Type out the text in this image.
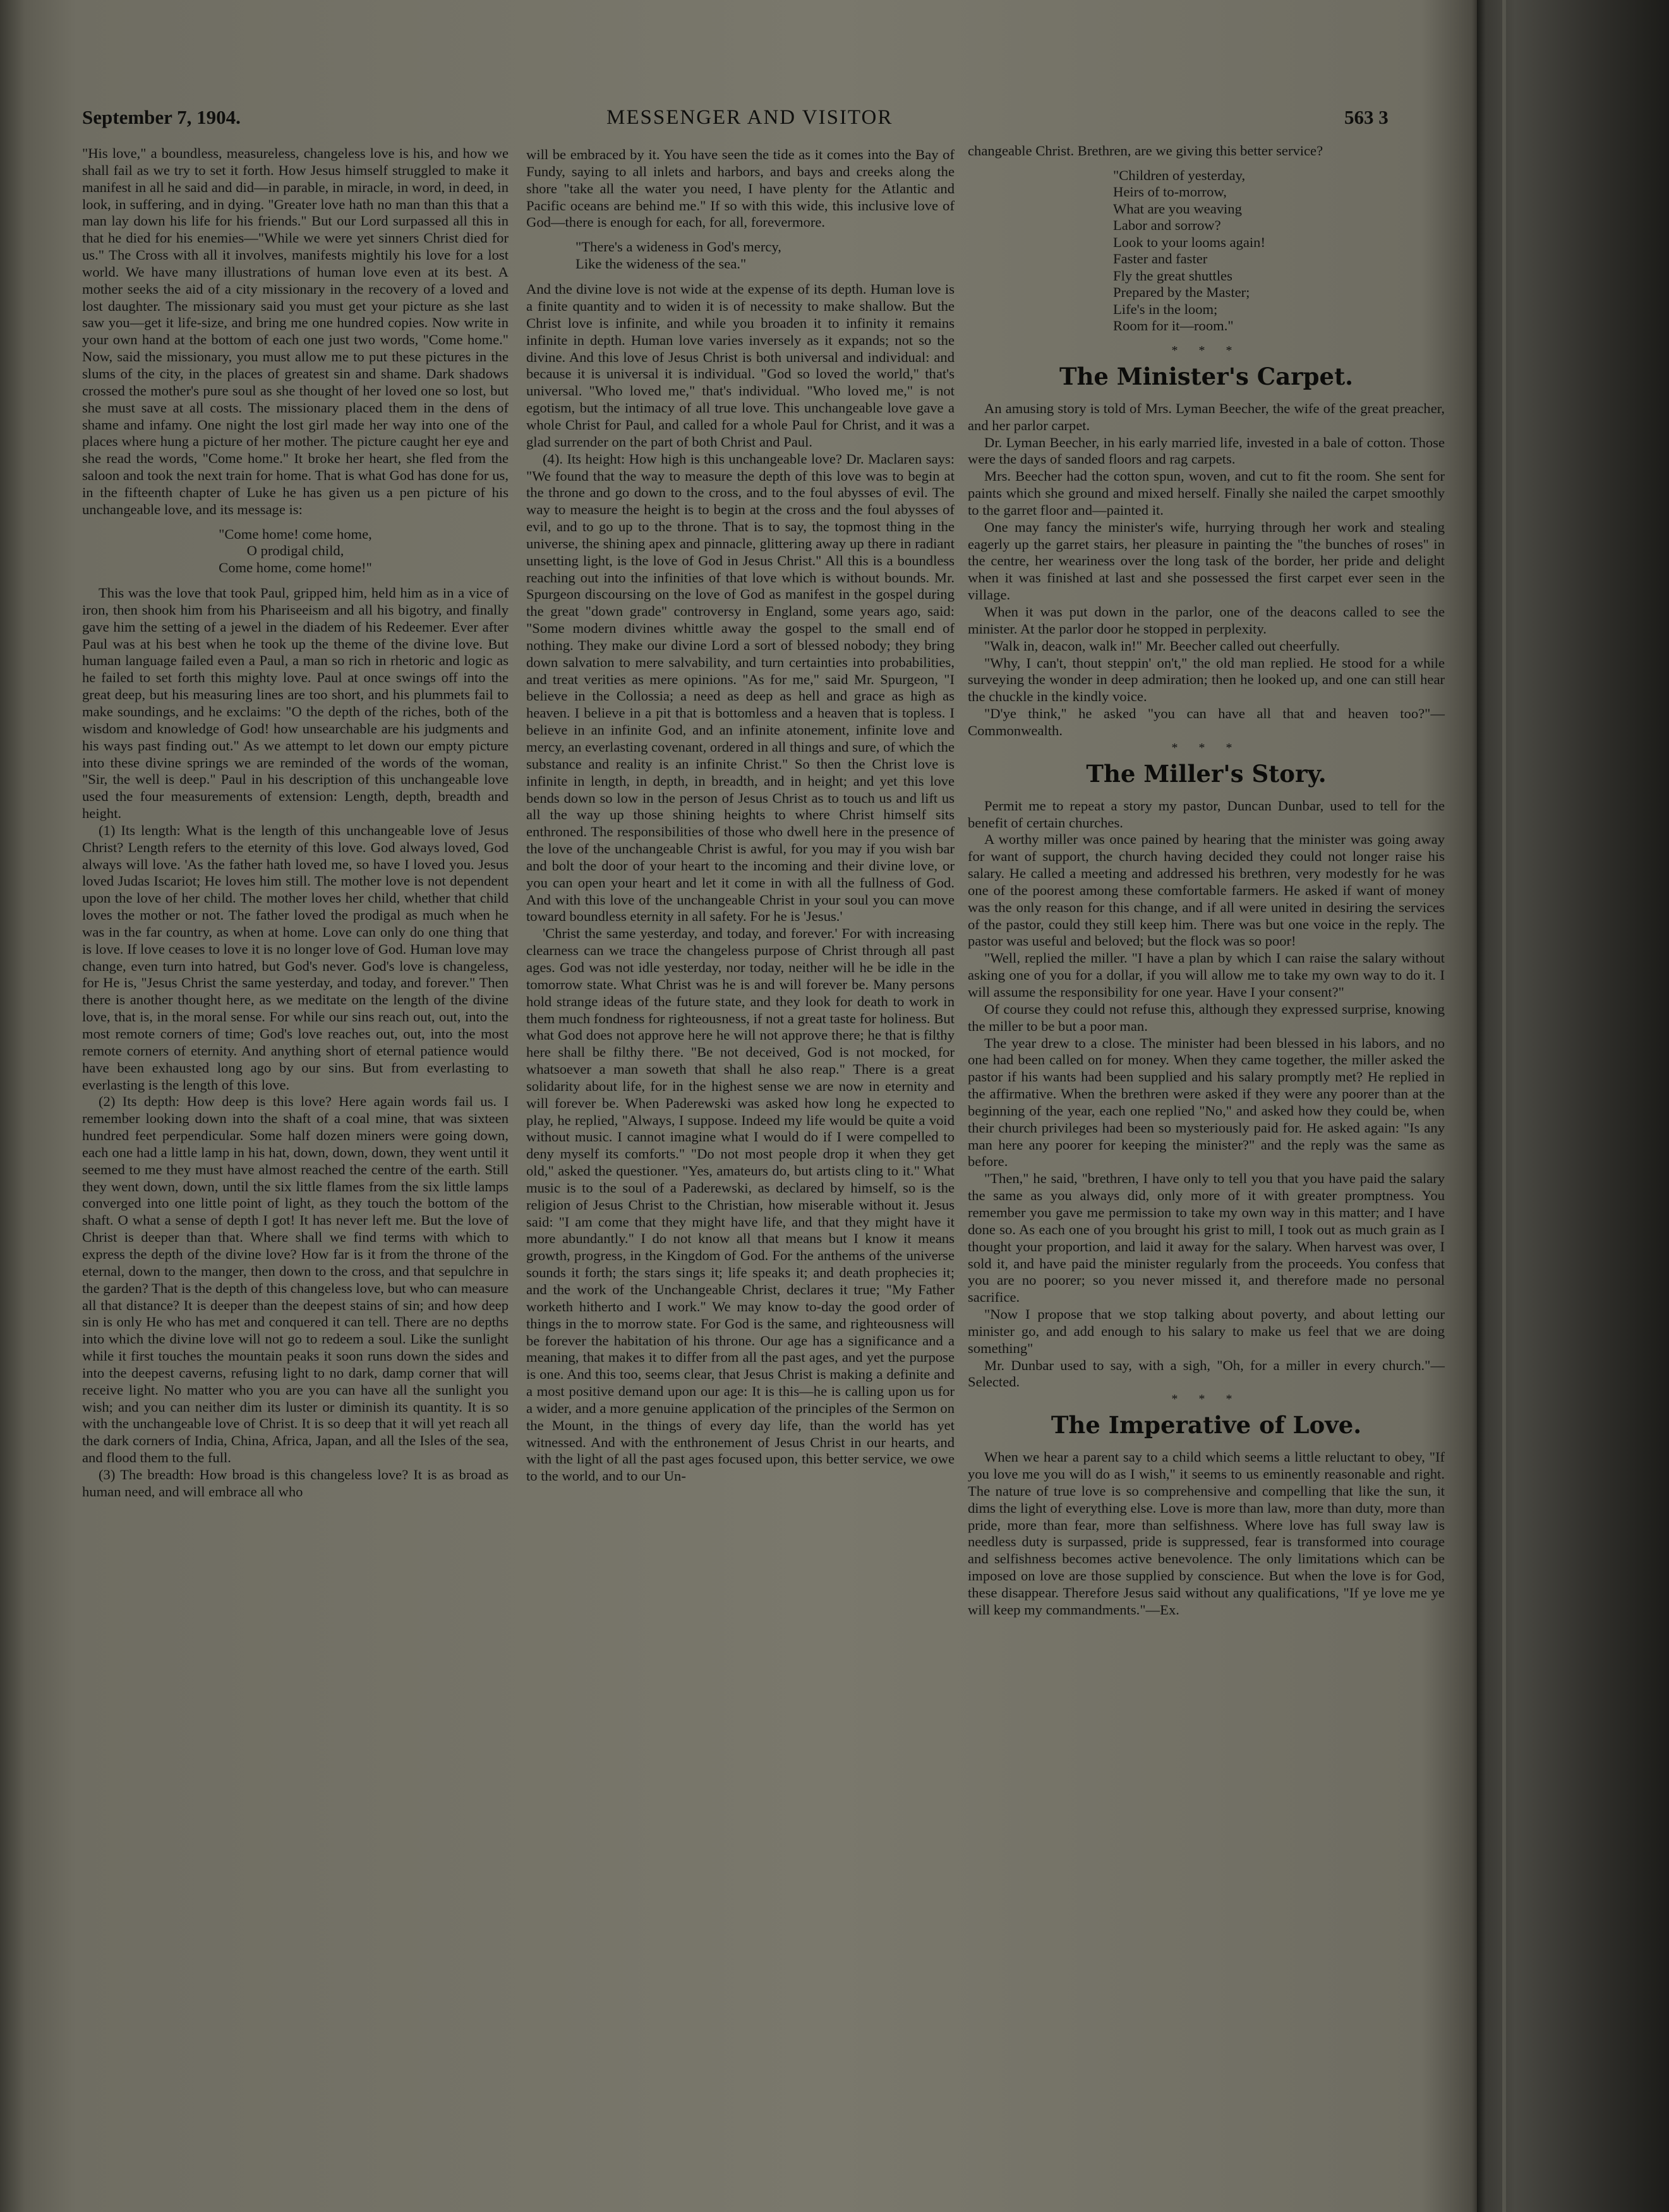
September 7, 1904.	MESSENGER AND VISITOR	563 3

"His love," a boundless, measureless, changeless love is his, and how we shall fail as we try to set it forth. How Jesus himself struggled to make it manifest in all he said and did—in parable, in miracle, in word, in deed, in look, in suffering, and in dying. "Greater love hath no man than this that a man lay down his life for his friends." But our Lord surpassed all this in that he died for his enemies—"While we were yet sinners Christ died for us." The Cross with all it involves, manifests mightily his love for a lost world. We have many illustrations of human love even at its best. A mother seeks the aid of a city missionary in the recovery of a loved and lost daughter. The missionary said you must get your picture as she last saw you—get it life-size, and bring me one hundred copies. Now write in your own hand at the bottom of each one just two words, "Come home." Now, said the missionary, you must allow me to put these pictures in the slums of the city, in the places of greatest sin and shame. Dark shadows crossed the mother's pure soul as she thought of her loved one so lost, but she must save at all costs. The missionary placed them in the dens of shame and infamy. One night the lost girl made her way into one of the places where hung a picture of her mother. The picture caught her eye and she read the words, "Come home." It broke her heart, she fled from the saloon and took the next train for home. That is what God has done for us, in the fifteenth chapter of Luke he has given us a pen picture of his unchangeable love, and its message is:

"Come home! come home,
O prodigal child,
Come home, come home!"

This was the love that took Paul, gripped him, held him as in a vice of iron, then shook him from his Phariseeism and all his bigotry, and finally gave him the setting of a jewel in the diadem of his Redeemer. Ever after Paul was at his best when he took up the theme of the divine love. But human language failed even a Paul, a man so rich in rhetoric and logic as he failed to set forth this mighty love. Paul at once swings off into the great deep, but his measuring lines are too short, and his plummets fail to make soundings, and he exclaims: "O the depth of the riches, both of the wisdom and knowledge of God! how unsearchable are his judgments and his ways past finding out." As we attempt to let down our empty picture into these divine springs we are reminded of the words of the woman, "Sir, the well is deep." Paul in his description of this unchangeable love used the four measurements of extension: Length, depth, breadth and height.

(1) Its length: What is the length of this unchangeable love of Jesus Christ? Length refers to the eternity of this love. God always loved, God always will love. 'As the father hath loved me, so have I loved you. Jesus loved Judas Iscariot; He loves him still. The mother love is not dependent upon the love of her child. The mother loves her child, whether that child loves the mother or not. The father loved the prodigal as much when he was in the far country, as when at home. Love can only do one thing that is love. If love ceases to love it is no longer love of God. Human love may change, even turn into hatred, but God's never. God's love is changeless, for He is, "Jesus Christ the same yesterday, and today, and forever." Then there is another thought here, as we meditate on the length of the divine love, that is, in the moral sense. For while our sins reach out, out, into the most remote corners of time; God's love reaches out, out, into the most remote corners of eternity. And anything short of eternal patience would have been exhausted long ago by our sins. But from everlasting to everlasting is the length of this love.

(2) Its depth: How deep is this love? Here again words fail us. I remember looking down into the shaft of a coal mine, that was sixteen hundred feet perpendicular. Some half dozen miners were going down, each one had a little lamp in his hat, down, down, down, they went until it seemed to me they must have almost reached the centre of the earth. Still they went down, down, until the six little flames from the six little lamps converged into one little point of light, as they touch the bottom of the shaft. O what a sense of depth I got! It has never left me. But the love of Christ is deeper than that. Where shall we find terms with which to express the depth of the divine love? How far is it from the throne of the eternal, down to the manger, then down to the cross, and that sepulchre in the garden? That is the depth of this changeless love, but who can measure all that distance? It is deeper than the deepest stains of sin; and how deep sin is only He who has met and conquered it can tell. There are no depths into which the divine love will not go to redeem a soul. Like the sunlight while it first touches the mountain peaks it soon runs down the sides and into the deepest caverns, refusing light to no dark, damp corner that will receive light. No matter who you are you can have all the sunlight you wish; and you can neither dim its luster or diminish its quantity. It is so with the unchangeable love of Christ. It is so deep that it will yet reach all the dark corners of India, China, Africa, Japan, and all the Isles of the sea, and flood them to the full.

(3) The breadth: How broad is this changeless love? It is as broad as human need, and will embrace all who

will be embraced by it. You have seen the tide as it comes into the Bay of Fundy, saying to all inlets and harbors, and bays and creeks along the shore "take all the water you need, I have plenty for the Atlantic and Pacific oceans are behind me." If so with this wide, this inclusive love of God—there is enough for each, for all, forevermore.

"There's a wideness in God's mercy,
Like the wideness of the sea."

And the divine love is not wide at the expense of its depth. Human love is a finite quantity and to widen it is of necessity to make shallow. But the Christ love is infinite, and while you broaden it to infinity it remains infinite in depth. Human love varies inversely as it expands; not so the divine. And this love of Jesus Christ is both universal and individual: and because it is universal it is individual. "God so loved the world," that's universal. "Who loved me," that's individual. "Who loved me," is not egotism, but the intimacy of all true love. This unchangeable love gave a whole Christ for Paul, and called for a whole Paul for Christ, and it was a glad surrender on the part of both Christ and Paul.

(4). Its height: How high is this unchangeable love? Dr. Maclaren says: "We found that the way to measure the depth of this love was to begin at the throne and go down to the cross, and to the foul abysses of evil. The way to measure the height is to begin at the cross and the foul abysses of evil, and to go up to the throne. That is to say, the topmost thing in the universe, the shining apex and pinnacle, glittering away up there in radiant unsetting light, is the love of God in Jesus Christ." All this is a boundless reaching out into the infinities of that love which is without bounds. Mr. Spurgeon discoursing on the love of God as manifest in the gospel during the great "down grade" controversy in England, some years ago, said: "Some modern divines whittle away the gospel to the small end of nothing. They make our divine Lord a sort of blessed nobody; they bring down salvation to mere salvability, and turn certainties into probabilities, and treat verities as mere opinions. "As for me," said Mr. Spurgeon, "I believe in the Collossia; a need as deep as hell and grace as high as heaven. I believe in a pit that is bottomless and a heaven that is topless. I believe in an infinite God, and an infinite atonement, infinite love and mercy, an everlasting covenant, ordered in all things and sure, of which the substance and reality is an infinite Christ." So then the Christ love is infinite in length, in depth, in breadth, and in height; and yet this love bends down so low in the person of Jesus Christ as to touch us and lift us all the way up those shining heights to where Christ himself sits enthroned. The responsibilities of those who dwell here in the presence of the love of the unchangeable Christ is awful, for you may if you wish bar and bolt the door of your heart to the incoming and their divine love, or you can open your heart and let it come in with all the fullness of God. And with this love of the unchangeable Christ in your soul you can move toward boundless eternity in all safety. For he is 'Jesus.'

'Christ the same yesterday, and today, and forever.' For with increasing clearness can we trace the changeless purpose of Christ through all past ages. God was not idle yesterday, nor today, neither will he be idle in the tomorrow state. What Christ was he is and will forever be. Many persons hold strange ideas of the future state, and they look for death to work in them much fondness for righteousness, if not a great taste for holiness. But what God does not approve here he will not approve there; he that is filthy here shall be filthy there. "Be not deceived, God is not mocked, for whatsoever a man soweth that shall he also reap." There is a great solidarity about life, for in the highest sense we are now in eternity and will forever be. When Paderewski was asked how long he expected to play, he replied, "Always, I suppose. Indeed my life would be quite a void without music. I cannot imagine what I would do if I were compelled to deny myself its comforts." "Do not most people drop it when they get old," asked the questioner. "Yes, amateurs do, but artists cling to it." What music is to the soul of a Paderewski, as declared by himself, so is the religion of Jesus Christ to the Christian, how miserable without it. Jesus said: "I am come that they might have life, and that they might have it more abundantly." I do not know all that means but I know it means growth, progress, in the Kingdom of God. For the anthems of the universe sounds it forth; the stars sings it; life speaks it; and death prophecies it; and the work of the Unchangeable Christ, declares it true; "My Father worketh hitherto and I work." We may know to-day the good order of things in the to morrow state. For God is the same, and righteousness will be forever the habitation of his throne. Our age has a significance and a meaning, that makes it to differ from all the past ages, and yet the purpose is one. And this too, seems clear, that Jesus Christ is making a definite and a most positive demand upon our age: It is this—he is calling upon us for a wider, and a more genuine application of the principles of the Sermon on the Mount, in the things of every day life, than the world has yet witnessed. And with the enthronement of Jesus Christ in our hearts, and with the light of all the past ages focused upon, this better service, we owe to the world, and to our Un-

changeable Christ. Brethren, are we giving this better service?

"Children of yesterday,
Heirs of to-morrow,
What are you weaving
Labor and sorrow?
Look to your looms again!
Faster and faster
Fly the great shuttles
Prepared by the Master;
Life's in the loom;
Room for it—room."
* * *
The Minister's Carpet.

An amusing story is told of Mrs. Lyman Beecher, the wife of the great preacher, and her parlor carpet.

Dr. Lyman Beecher, in his early married life, invested in a bale of cotton. Those were the days of sanded floors and rag carpets.

Mrs. Beecher had the cotton spun, woven, and cut to fit the room. She sent for paints which she ground and mixed herself. Finally she nailed the carpet smoothly to the garret floor and—painted it.

One may fancy the minister's wife, hurrying through her work and stealing eagerly up the garret stairs, her pleasure in painting the "the bunches of roses" in the centre, her weariness over the long task of the border, her pride and delight when it was finished at last and she possessed the first carpet ever seen in the village.

When it was put down in the parlor, one of the deacons called to see the minister. At the parlor door he stopped in perplexity.

"Walk in, deacon, walk in!" Mr. Beecher called out cheerfully.

"Why, I can't, thout steppin' on't," the old man replied. He stood for a while surveying the wonder in deep admiration; then he looked up, and one can still hear the chuckle in the kindly voice.

"D'ye think," he asked "you can have all that and heaven too?"—Commonwealth.

* * *
The Miller's Story.

Permit me to repeat a story my pastor, Duncan Dunbar, used to tell for the benefit of certain churches.

A worthy miller was once pained by hearing that the minister was going away for want of support, the church having decided they could not longer raise his salary. He called a meeting and addressed his brethren, very modestly for he was one of the poorest among these comfortable farmers. He asked if want of money was the only reason for this change, and if all were united in desiring the services of the pastor, could they still keep him. There was but one voice in the reply. The pastor was useful and beloved; but the flock was so poor!

"Well, replied the miller. "I have a plan by which I can raise the salary without asking one of you for a dollar, if you will allow me to take my own way to do it. I will assume the responsibility for one year. Have I your consent?"

Of course they could not refuse this, although they expressed surprise, knowing the miller to be but a poor man.

The year drew to a close. The minister had been blessed in his labors, and no one had been called on for money. When they came together, the miller asked the pastor if his wants had been supplied and his salary promptly met? He replied in the affirmative. When the brethren were asked if they were any poorer than at the beginning of the year, each one replied "No," and asked how they could be, when their church privileges had been so mysteriously paid for. He asked again: "Is any man here any poorer for keeping the minister?" and the reply was the same as before.

"Then," he said, "brethren, I have only to tell you that you have paid the salary the same as you always did, only more of it with greater promptness. You remember you gave me permission to take my own way in this matter; and I have done so. As each one of you brought his grist to mill, I took out as much grain as I thought your proportion, and laid it away for the salary. When harvest was over, I sold it, and have paid the minister regularly from the proceeds. You confess that you are no poorer; so you never missed it, and therefore made no personal sacrifice.

"Now I propose that we stop talking about poverty, and about letting our minister go, and add enough to his salary to make us feel that we are doing something"

Mr. Dunbar used to say, with a sigh, "Oh, for a miller in every church."—Selected.

* * *
The Imperative of Love.

When we hear a parent say to a child which seems a little reluctant to obey, "If you love me you will do as I wish," it seems to us eminently reasonable and right. The nature of true love is so comprehensive and compelling that like the sun, it dims the light of everything else. Love is more than law, more than duty, more than pride, more than fear, more than selfishness. Where love has full sway law is needless duty is surpassed, pride is suppressed, fear is transformed into courage and selfishness becomes active benevolence. The only limitations which can be imposed on love are those supplied by conscience. But when the love is for God, these disappear. Therefore Jesus said without any qualifications, "If ye love me ye will keep my commandments."—Ex.
